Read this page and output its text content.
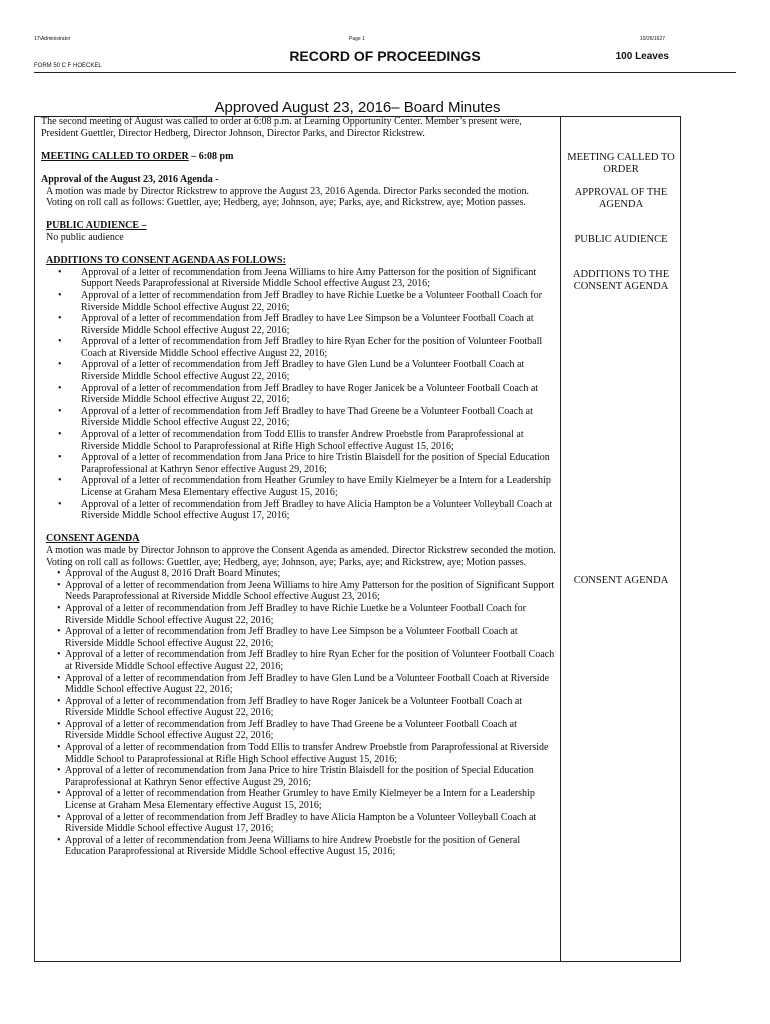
17\Administrator	Page 1	10/26/1627
RECORD OF PROCEEDINGS	100 Leaves
FORM 50 C F HOECKEL
Approved August 23, 2016– Board Minutes
MEETING CALLED TO ORDER
APPROVAL OF THE AGENDA
PUBLIC AUDIENCE
ADDITIONS TO THE CONSENT AGENDA
CONSENT AGENDA

The second meeting of August was called to order at 6:08 p.m. at Learning Opportunity Center. Member’s present were, President Guettler, Director Hedberg, Director Johnson, Director Parks, and Director Rickstrew.

MEETING CALLED TO ORDER – 6:08 pm

Approval of the August 23, 2016 Agenda -

A motion was made by Director Rickstrew to approve the August 23, 2016 Agenda. Director Parks seconded the motion. Voting on roll call as follows: Guettler, aye; Hedberg, aye; Johnson, aye; Parks, aye, and Rickstrew, aye; Motion passes.

PUBLIC AUDIENCE –

No public audience

ADDITIONS TO CONSENT AGENDA AS FOLLOWS:

• Approval of a letter of recommendation from Jeena Williams to hire Amy Patterson for the position of Significant Support Needs Paraprofessional at Riverside Middle School effective August 23, 2016;
• Approval of a letter of recommendation from Jeff Bradley to have Richie Luetke be a Volunteer Football Coach for Riverside Middle School effective August 22, 2016;
• Approval of a letter of recommendation from Jeff Bradley to have Lee Simpson be a Volunteer Football Coach at Riverside Middle School effective August 22, 2016;
• Approval of a letter of recommendation from Jeff Bradley to hire Ryan Echer for the position of Volunteer Football Coach at Riverside Middle School effective August 22, 2016;
• Approval of a letter of recommendation from Jeff Bradley to have Glen Lund be a Volunteer Football Coach at Riverside Middle School effective August 22, 2016;
• Approval of a letter of recommendation from Jeff Bradley to have Roger Janicek be a Volunteer Football Coach at Riverside Middle School effective August 22, 2016;
• Approval of a letter of recommendation from Jeff Bradley to have Thad Greene be a Volunteer Football Coach at Riverside Middle School effective August 22, 2016;
• Approval of a letter of recommendation from Todd Ellis to transfer Andrew Proebstle from Paraprofessional at Riverside Middle School to Paraprofessional at Rifle High School effective August 15, 2016;
• Approval of a letter of recommendation from Jana Price to hire Tristin Blaisdell for the position of Special Education Paraprofessional at Kathryn Senor effective August 29, 2016;
• Approval of a letter of recommendation from Heather Grumley to have Emily Kielmeyer be a Intern for a Leadership License at Graham Mesa Elementary effective August 15, 2016;
• Approval of a letter of recommendation from Jeff Bradley to have Alicia Hampton be a Volunteer Volleyball Coach at Riverside Middle School effective August 17, 2016;

CONSENT AGENDA

A motion was made by Director Johnson to approve the Consent Agenda as amended. Director Rickstrew seconded the motion. Voting on roll call as follows: Guettler, aye; Hedberg, aye; Johnson, aye; Parks, aye; and Rickstrew, aye; Motion passes.

• Approval of the August 8, 2016 Draft Board Minutes;
• Approval of a letter of recommendation from Jeena Williams to hire Amy Patterson for the position of Significant Support Needs Paraprofessional at Riverside Middle School effective August 23, 2016;
• Approval of a letter of recommendation from Jeff Bradley to have Richie Luetke be a Volunteer Football Coach for Riverside Middle School effective August 22, 2016;
• Approval of a letter of recommendation from Jeff Bradley to have Lee Simpson be a Volunteer Football Coach at Riverside Middle School effective August 22, 2016;
• Approval of a letter of recommendation from Jeff Bradley to hire Ryan Echer for the position of Volunteer Football Coach at Riverside Middle School effective August 22, 2016;
• Approval of a letter of recommendation from Jeff Bradley to have Glen Lund be a Volunteer Football Coach at Riverside Middle School effective August 22, 2016;
• Approval of a letter of recommendation from Jeff Bradley to have Roger Janicek be a Volunteer Football Coach at Riverside Middle School effective August 22, 2016;
• Approval of a letter of recommendation from Jeff Bradley to have Thad Greene be a Volunteer Football Coach at Riverside Middle School effective August 22, 2016;
• Approval of a letter of recommendation from Todd Ellis to transfer Andrew Proebstle from Paraprofessional at Riverside Middle School to Paraprofessional at Rifle High School effective August 15, 2016;
• Approval of a letter of recommendation from Jana Price to hire Tristin Blaisdell for the position of Special Education Paraprofessional at Kathryn Senor effective August 29, 2016;
• Approval of a letter of recommendation from Heather Grumley to have Emily Kielmeyer be a Intern for a Leadership License at Graham Mesa Elementary effective August 15, 2016;
• Approval of a letter of recommendation from Jeff Bradley to have Alicia Hampton be a Volunteer Volleyball Coach at Riverside Middle School effective August 17, 2016;
• Approval of a letter of recommendation from Jeena Williams to hire Andrew Proebstle for the position of General Education Paraprofessional at Riverside Middle School effective August 15, 2016;
